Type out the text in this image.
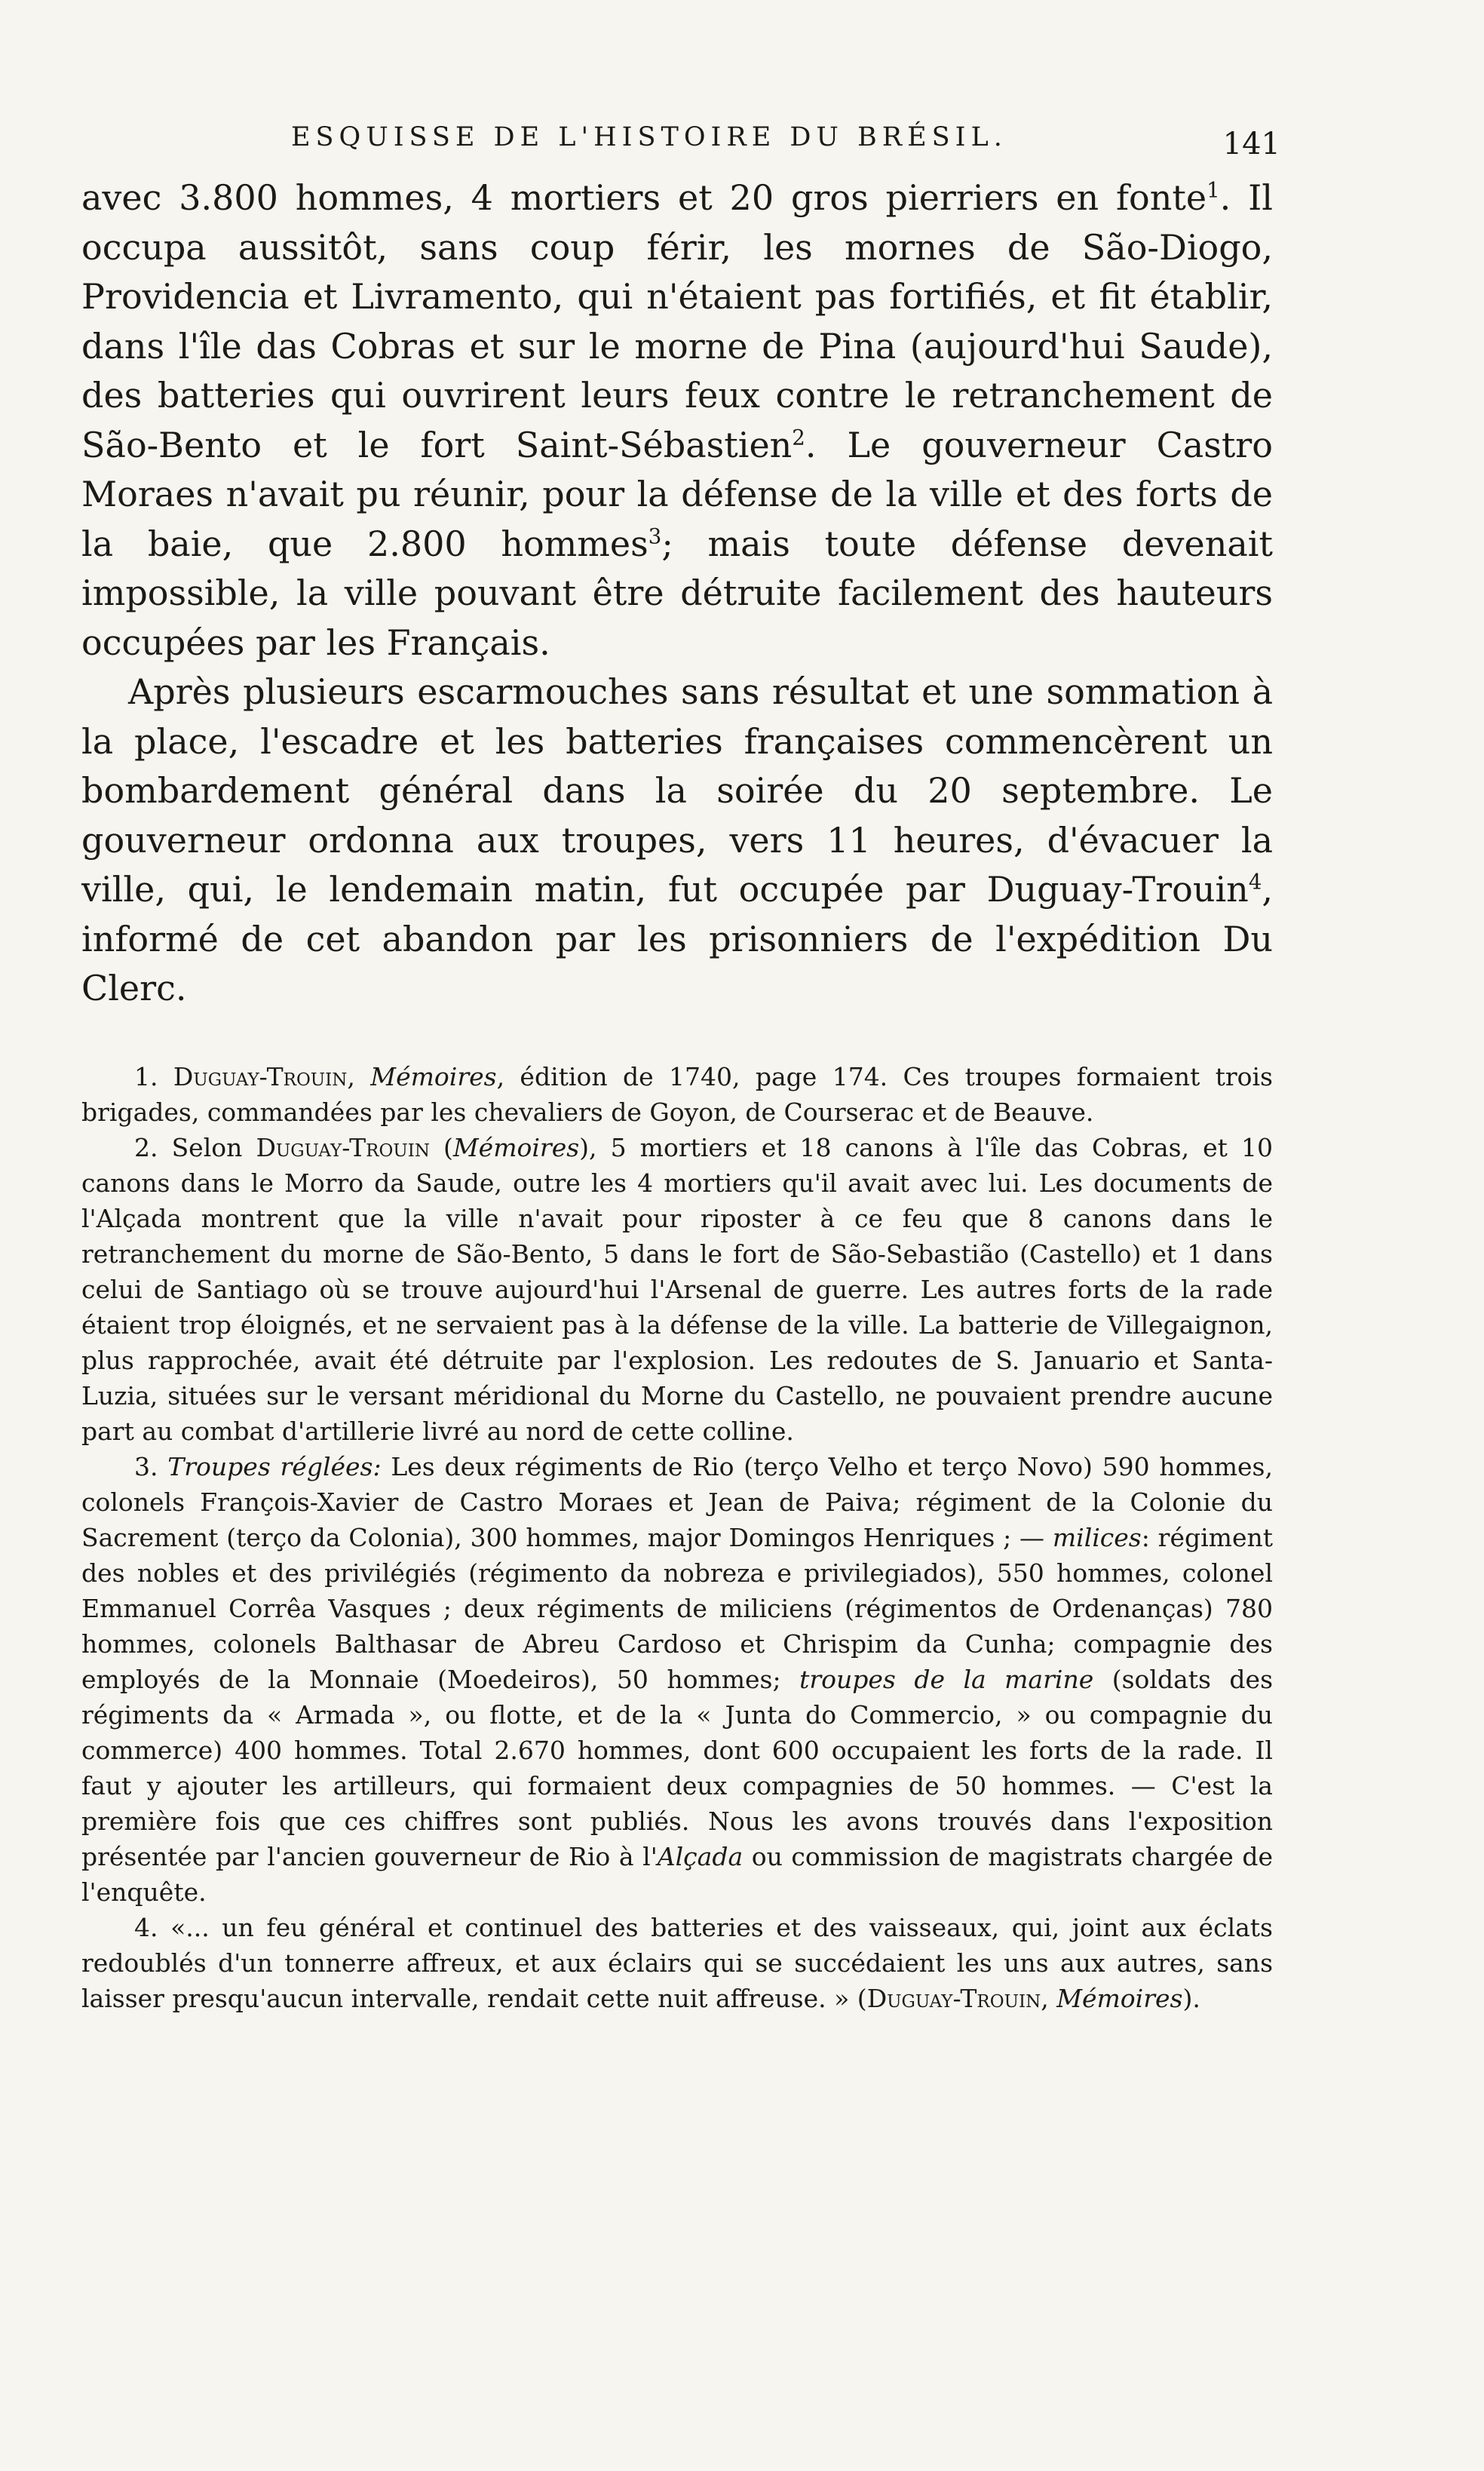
ESQUISSE DE L'HISTOIRE DU BRÉSIL.	141

avec 3.800 hommes, 4 mortiers et 20 gros pierriers en fonte$^1$. Il occupa aussitôt, sans coup férir, les mornes de São-Diogo, Providencia et Livramento, qui n'étaient pas fortifiés, et fit établir, dans l'île das Cobras et sur le morne de Pina (aujourd'hui Saude), des batteries qui ouvrirent leurs feux contre le retranchement de São-Bento et le fort Saint-Sébastien$^2$. Le gouverneur Castro Moraes n'avait pu réunir, pour la défense de la ville et des forts de la baie, que 2.800 hommes$^3$; mais toute défense devenait impossible, la ville pouvant être détruite facilement des hauteurs occupées par les Français.

Après plusieurs escarmouches sans résultat et une sommation à la place, l'escadre et les batteries françaises commencèrent un bombardement général dans la soirée du 20 septembre. Le gouverneur ordonna aux troupes, vers 11 heures, d'évacuer la ville, qui, le lendemain matin, fut occupée par Duguay-Trouin$^4$, informé de cet abandon par les prisonniers de l'expédition Du Clerc.

1. Duguay-Trouin, Mémoires, édition de 1740, page 174. Ces troupes formaient trois brigades, commandées par les chevaliers de Goyon, de Courserac et de Beauve.

2. Selon Duguay-Trouin (Mémoires), 5 mortiers et 18 canons à l'île das Cobras, et 10 canons dans le Morro da Saude, outre les 4 mortiers qu'il avait avec lui. Les documents de l'Alçada montrent que la ville n'avait pour riposter à ce feu que 8 canons dans le retranchement du morne de São-Bento, 5 dans le fort de São-Sebastião (Castello) et 1 dans celui de Santiago où se trouve aujourd'hui l'Arsenal de guerre. Les autres forts de la rade étaient trop éloignés, et ne servaient pas à la défense de la ville. La batterie de Villegaignon, plus rapprochée, avait été détruite par l'explosion. Les redoutes de S. Januario et Santa-Luzia, situées sur le versant méridional du Morne du Castello, ne pouvaient prendre aucune part au combat d'artillerie livré au nord de cette colline.

3. Troupes réglées: Les deux régiments de Rio (terço Velho et terço Novo) 590 hommes, colonels François-Xavier de Castro Moraes et Jean de Paiva; régiment de la Colonie du Sacrement (terço da Colonia), 300 hommes, major Domingos Henriques ; — milices: régiment des nobles et des privilégiés (régimento da nobreza e privilegiados), 550 hommes, colonel Emmanuel Corrêa Vasques ; deux régiments de miliciens (régimentos de Ordenanças) 780 hommes, colonels Balthasar de Abreu Cardoso et Chrispim da Cunha; compagnie des employés de la Monnaie (Moedeiros), 50 hommes; troupes de la marine (soldats des régiments da « Armada », ou flotte, et de la « Junta do Commercio, » ou compagnie du commerce) 400 hommes. Total 2.670 hommes, dont 600 occupaient les forts de la rade. Il faut y ajouter les artilleurs, qui formaient deux compagnies de 50 hommes. — C'est la première fois que ces chiffres sont publiés. Nous les avons trouvés dans l'exposition présentée par l'ancien gouverneur de Rio à l'Alçada ou commission de magistrats chargée de l'enquête.

4. «... un feu général et continuel des batteries et des vaisseaux, qui, joint aux éclats redoublés d'un tonnerre affreux, et aux éclairs qui se succédaient les uns aux autres, sans laisser presqu'aucun intervalle, rendait cette nuit affreuse. » (Duguay-Trouin, Mémoires).
